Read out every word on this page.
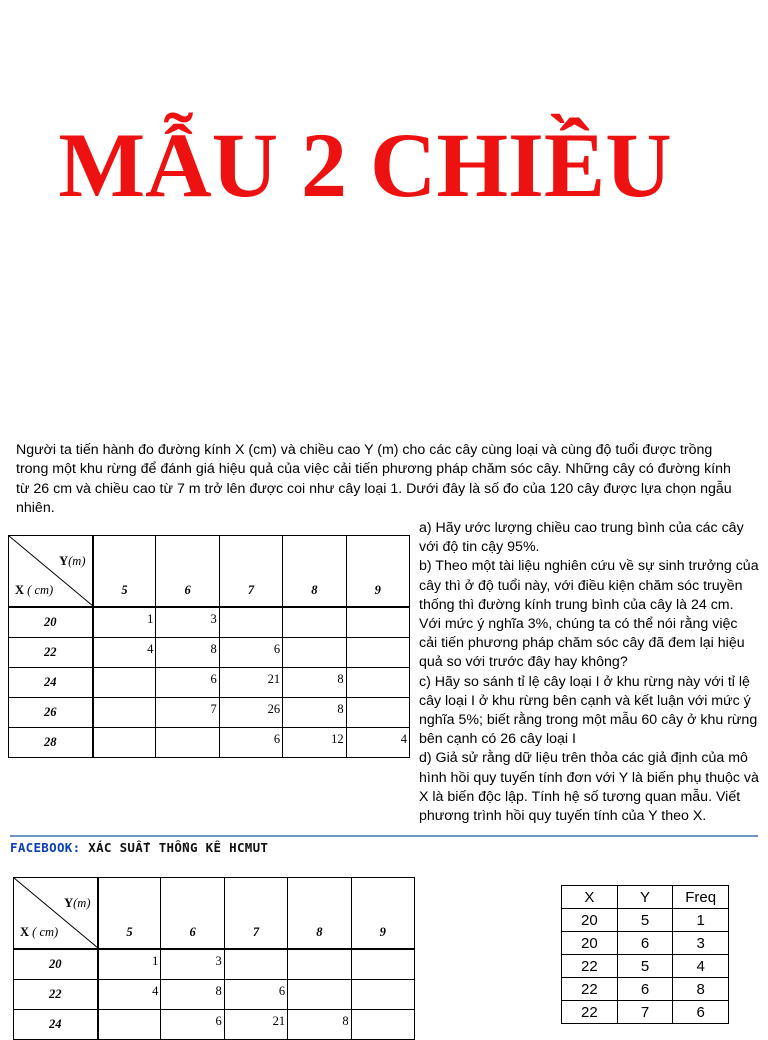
MẪU 2 CHIỀU

Người ta tiến hành đo đường kính X (cm) và chiều cao Y (m) cho các cây cùng loại và cùng độ tuổi được trồng trong một khu rừng để đánh giá hiệu quả của việc cải tiến phương pháp chăm sóc cây. Những cây có đường kính từ 26 cm và chiều cao từ 7 m trở lên được coi như cây loại 1. Dưới đây là số đo của 120 cây được lựa chọn ngẫu nhiên.

a) Hãy ước lượng chiều cao trung bình của các cây với độ tin cậy 95%.

b) Theo một tài liệu nghiên cứu về sự sinh trưởng của cây thì ở độ tuổi này, với điều kiện chăm sóc truyền thống thì đường kính trung bình của cây là 24 cm. Với mức ý nghĩa 3%, chúng ta có thể nói rằng việc cải tiến phương pháp chăm sóc cây đã đem lại hiệu quả so với trước đây hay không?

c) Hãy so sánh tỉ lệ cây loại I ở khu rừng này với tỉ lệ cây loại I ở khu rừng bên cạnh và kết luận với mức ý nghĩa 5%; biết rằng trong một mẫu 60 cây ở khu rừng bên cạnh có 26 cây loại I

d) Giả sử rằng dữ liệu trên thỏa các giả định của mô hình hồi quy tuyến tính đơn với Y là biến phụ thuộc và X là biến độc lập. Tính hệ số tương quan mẫu. Viết phương trình hồi quy tuyến tính của Y theo X.

Y(m)
X ( cm)	5	6	7	8	9
20	1	3			
22	4	8	6		
24		6	21	8	
26		7	26	8	
28			6	12	4
FACEBOOK: XÁC SUẤT THỐNG KÊ HCMUT
Y(m)
X ( cm)	5	6	7	8	9
20	1	3			
22	4	8	6		
24		6	21	8	
X	Y	Freq
20	5	1
20	6	3
22	5	4
22	6	8
22	7	6
